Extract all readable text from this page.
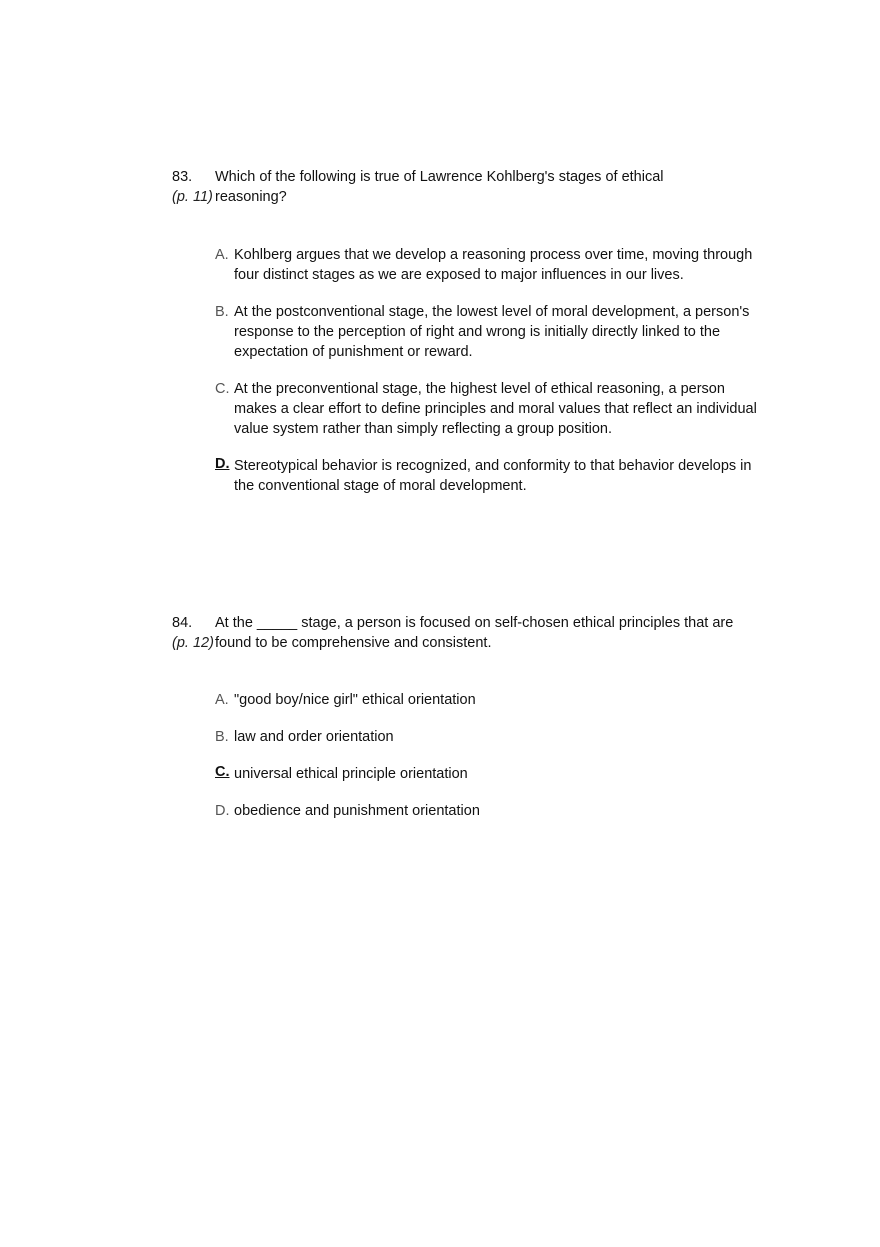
83. Which of the following is true of Lawrence Kohlberg's stages of ethical
(p. 11) reasoning?
A. Kohlberg argues that we develop a reasoning process over time, moving through four distinct stages as we are exposed to major influences in our lives.
B. At the postconventional stage, the lowest level of moral development, a person's response to the perception of right and wrong is initially directly linked to the expectation of punishment or reward.
C. At the preconventional stage, the highest level of ethical reasoning, a person makes a clear effort to define principles and moral values that reflect an individual value system rather than simply reflecting a group position.
D. Stereotypical behavior is recognized, and conformity to that behavior develops in the conventional stage of moral development.
84. At the _____ stage, a person is focused on self-chosen ethical principles that are
(p. 12) found to be comprehensive and consistent.
A. "good boy/nice girl" ethical orientation
B. law and order orientation
C. universal ethical principle orientation
D. obedience and punishment orientation
